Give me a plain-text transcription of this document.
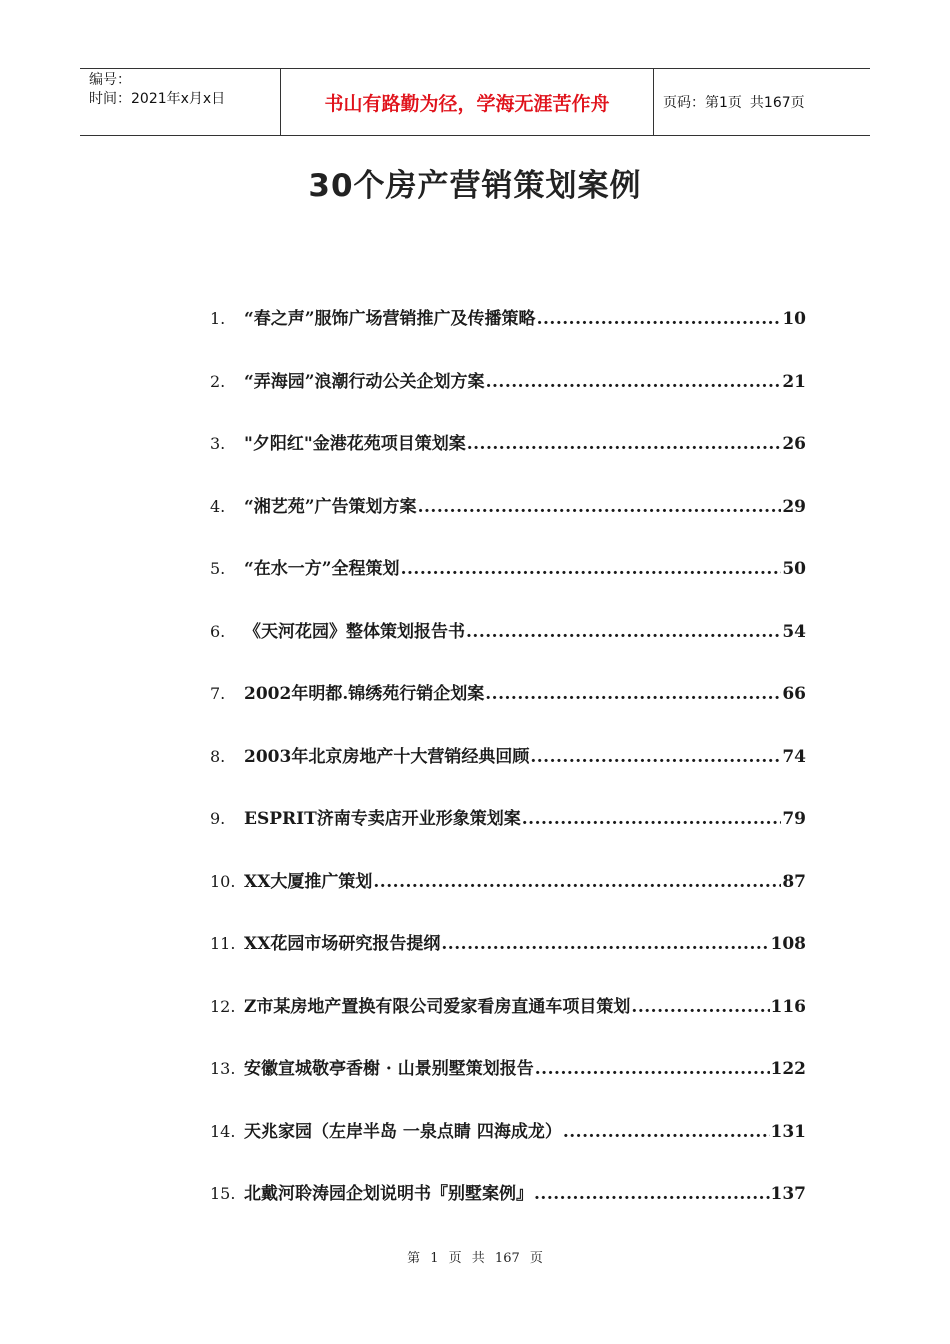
编号：
时间：2021年x月x日	书山有路勤为径，学海无涯苦作舟	页码：第1页 共167页
30个房产营销策划案例
1.	“春之声”服饰广场营销推广及传播策略 .....	10
2.	“弄海园”浪潮行动公关企划方案 .....	21
3.	"夕阳红"金港花苑项目策划案 .....	26
4.	“湘艺苑”广告策划方案 .....	29
5.	“在水一方”全程策划 .....	50
6.	《天河花园》整体策划报告书 .....	54
7.	2002年明都.锦绣苑行销企划案 .....	66
8.	2003年北京房地产十大营销经典回顾 .....	74
9.	ESPRIT济南专卖店开业形象策划案 .....	79
10. XX大厦推广策划 .....	87
11. XX花园市场研究报告提纲 .....	108
12. Z市某房地产置换有限公司爱家看房直通车项目策划 .....	116
13. 安徽宣城敬亭香榭 · 山景别墅策划报告 .....	122
14. 天兆家园（左岸半岛 一泉点睛 四海成龙） .....	131
15. 北戴河聆涛园企划说明书『别墅案例』 .....	137
第 1 页 共 167 页
